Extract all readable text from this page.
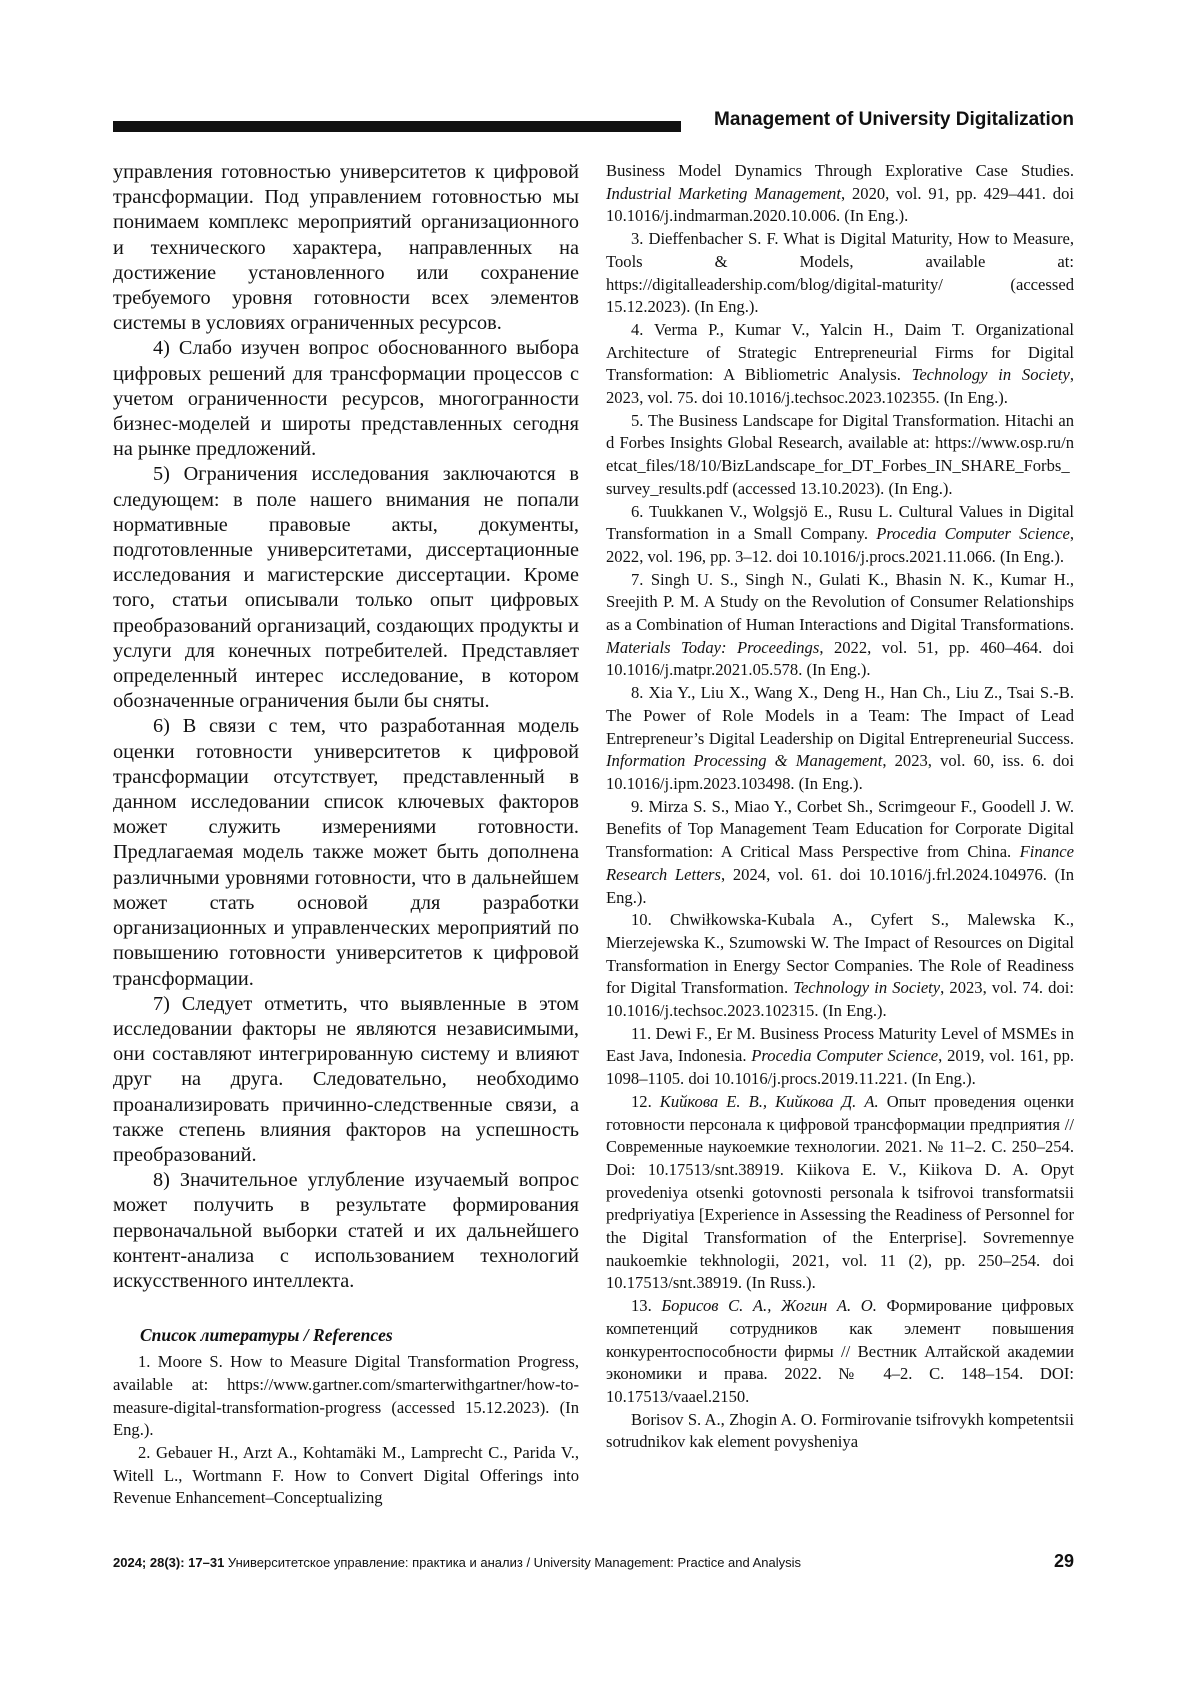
Management of University Digitalization

управления готовностью университетов к цифровой трансформации. Под управлением готовностью мы понимаем комплекс мероприятий организационного и технического характера, направленных на достижение установленного или сохранение требуемого уровня готовности всех элементов системы в условиях ограниченных ресурсов.

4) Слабо изучен вопрос обоснованного выбора цифровых решений для трансформации процессов с учетом ограниченности ресурсов, многогранности бизнес-моделей и широты представленных сегодня на рынке предложений.

5) Ограничения исследования заключаются в следующем: в поле нашего внимания не попали нормативные правовые акты, документы, подготовленные университетами, диссертационные исследования и магистерские диссертации. Кроме того, статьи описывали только опыт цифровых преобразований организаций, создающих продукты и услуги для конечных потребителей. Представляет определенный интерес исследование, в котором обозначенные ограничения были бы сняты.

6) В связи с тем, что разработанная модель оценки готовности университетов к цифровой трансформации отсутствует, представленный в данном исследовании список ключевых факторов может служить измерениями готовности. Предлагаемая модель также может быть дополнена различными уровнями готовности, что в дальнейшем может стать основой для разработки организационных и управленческих мероприятий по повышению готовности университетов к цифровой трансформации.

7) Следует отметить, что выявленные в этом исследовании факторы не являются независимыми, они составляют интегрированную систему и влияют друг на друга. Следовательно, необходимо проанализировать причинно-следственные связи, а также степень влияния факторов на успешность преобразований.

8) Значительное углубление изучаемый вопрос может получить в результате формирования первоначальной выборки статей и их дальнейшего контент-анализа с использованием технологий искусственного интеллекта.

Список литературы / References

1. Moore S. How to Measure Digital Transformation Progress, available at: https://www.gartner.com/smarterwithgartner/how-to-measure-digital-transformation-progress (accessed 15.12.2023). (In Eng.).

2. Gebauer H., Arzt A., Kohtamäki M., Lamprecht C., Parida V., Witell L., Wortmann F. How to Convert Digital Offerings into Revenue Enhancement–Conceptualizing

Business Model Dynamics Through Explorative Case Studies. Industrial Marketing Management, 2020, vol. 91, pp. 429–441. doi 10.1016/j.indmarman.2020.10.006. (In Eng.).

3. Dieffenbacher S. F. What is Digital Maturity, How to Measure, Tools & Models, available at: https://digitalleadership.com/blog/digital-maturity/ (accessed 15.12.2023). (In Eng.).

4. Verma P., Kumar V., Yalcin H., Daim T. Organizational Architecture of Strategic Entrepreneurial Firms for Digital Transformation: A Bibliometric Analysis. Technology in Society, 2023, vol. 75. doi 10.1016/j.techsoc.2023.102355. (In Eng.).

5. The Business Landscape for Digital Transformation. Hitachi and Forbes Insights Global Research, available at: https://www.osp.ru/netcat_files/18/10/BizLandscape_for_DT_Forbes_IN_SHARE_Forbs_survey_results.pdf (accessed 13.10.2023). (In Eng.).

6. Tuukkanen V., Wolgsjö E., Rusu L. Cultural Values in Digital Transformation in a Small Company. Procedia Computer Science, 2022, vol. 196, pp. 3–12. doi 10.1016/j.procs.2021.11.066. (In Eng.).

7. Singh U. S., Singh N., Gulati K., Bhasin N. K., Kumar H., Sreejith P. M. A Study on the Revolution of Consumer Relationships as a Combination of Human Interactions and Digital Transformations. Materials Today: Proceedings, 2022, vol. 51, pp. 460–464. doi 10.1016/j.matpr.2021.05.578. (In Eng.).

8. Xia Y., Liu X., Wang X., Deng H., Han Ch., Liu Z., Tsai S.-B. The Power of Role Models in a Team: The Impact of Lead Entrepreneur’s Digital Leadership on Digital Entrepreneurial Success. Information Processing & Management, 2023, vol. 60, iss. 6. doi 10.1016/j.ipm.2023.103498. (In Eng.).

9. Mirza S. S., Miao Y., Corbet Sh., Scrimgeour F., Goodell J. W. Benefits of Top Management Team Education for Corporate Digital Transformation: A Critical Mass Perspective from China. Finance Research Letters, 2024, vol. 61. doi 10.1016/j.frl.2024.104976. (In Eng.).

10. Chwiłkowska-Kubala A., Cyfert S., Malewska K., Mierzejewska K., Szumowski W. The Impact of Resources on Digital Transformation in Energy Sector Companies. The Role of Readiness for Digital Transformation. Technology in Society, 2023, vol. 74. doi: 10.1016/j.techsoc.2023.102315. (In Eng.).

11. Dewi F., Er M. Business Process Maturity Level of MSMEs in East Java, Indonesia. Procedia Computer Science, 2019, vol. 161, pp. 1098–1105. doi 10.1016/j.procs.2019.11.221. (In Eng.).

12. Кийкова Е. В., Кийкова Д. А. Опыт проведения оценки готовности персонала к цифровой трансформации предприятия // Современные наукоемкие технологии. 2021. № 11–2. С. 250–254. Doi: 10.17513/snt.38919. Kiikova E. V., Kiikova D. A. Opyt provedeniya otsenki gotovnosti personala k tsifrovoi transformatsii predpriyatiya [Experience in Assessing the Readiness of Personnel for the Digital Transformation of the Enterprise]. Sovremennye naukoemkie tekhnologii, 2021, vol. 11 (2), pp. 250–254. doi 10.17513/snt.38919. (In Russ.).

13. Борисов С. А., Жогин А. О. Формирование цифровых компетенций сотрудников как элемент повышения конкурентоспособности фирмы // Вестник Алтайской академии экономики и права. 2022. № 4–2. С. 148–154. DOI: 10.17513/vaael.2150.

Borisov S. A., Zhogin A. O. Formirovanie tsifrovykh kompetentsii sotrudnikov kak element povysheniya

2024; 28(3): 17–31 Университетское управление: практика и анализ / University Management: Practice and Analysis	29
